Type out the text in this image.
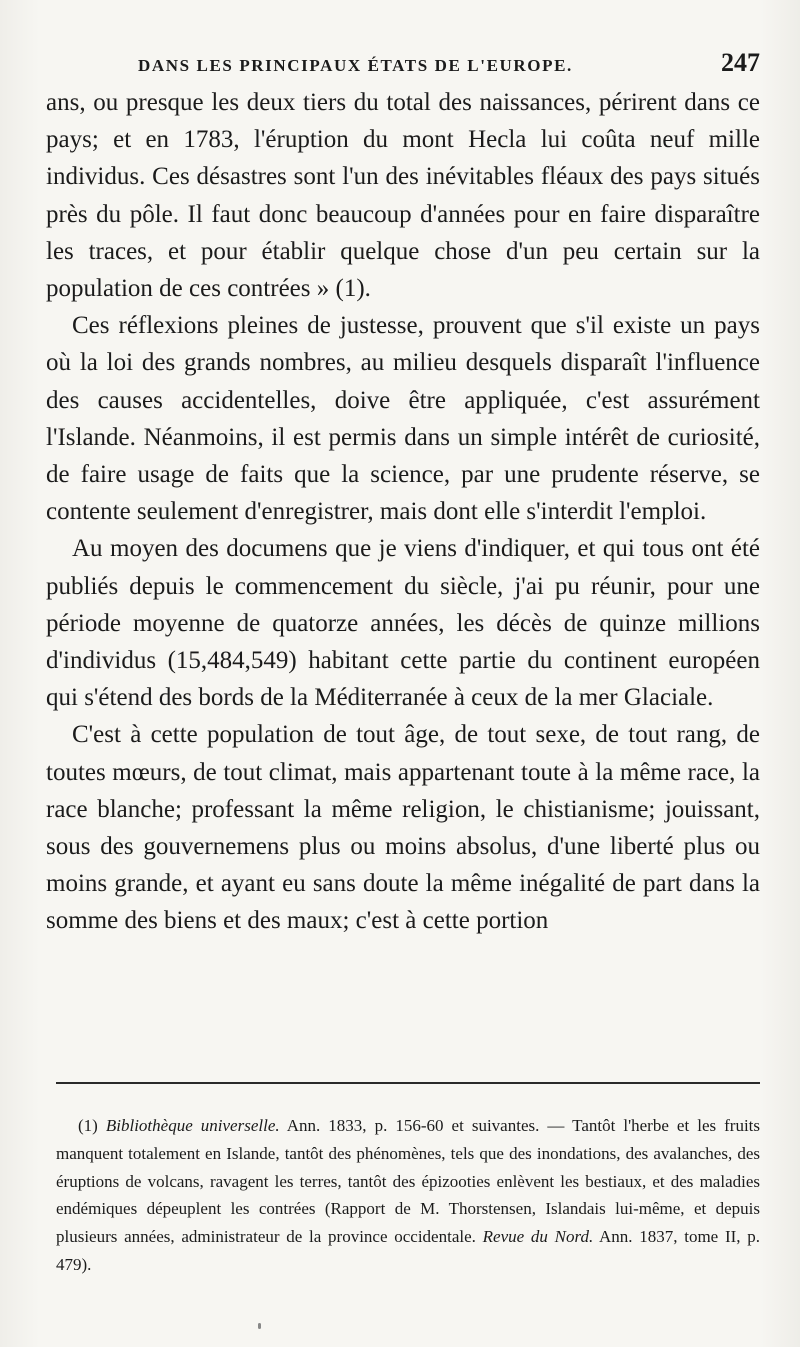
DANS LES PRINCIPAUX ÉTATS DE L'EUROPE.	247

ans, ou presque les deux tiers du total des naissances, périrent dans ce pays; et en 1783, l'éruption du mont Hecla lui coûta neuf mille individus. Ces désastres sont l'un des inévitables fléaux des pays situés près du pôle. Il faut donc beaucoup d'années pour en faire disparaître les traces, et pour établir quelque chose d'un peu certain sur la population de ces contrées » (1).

Ces réflexions pleines de justesse, prouvent que s'il existe un pays où la loi des grands nombres, au milieu desquels disparaît l'influence des causes accidentelles, doive être appliquée, c'est assurément l'Islande. Néanmoins, il est permis dans un simple intérêt de curiosité, de faire usage de faits que la science, par une prudente réserve, se contente seulement d'enregistrer, mais dont elle s'interdit l'emploi.

Au moyen des documens que je viens d'indiquer, et qui tous ont été publiés depuis le commencement du siècle, j'ai pu réunir, pour une période moyenne de quatorze années, les décès de quinze millions d'individus (15,484,549) habitant cette partie du continent européen qui s'étend des bords de la Méditerranée à ceux de la mer Glaciale.

C'est à cette population de tout âge, de tout sexe, de tout rang, de toutes mœurs, de tout climat, mais appartenant toute à la même race, la race blanche; professant la même religion, le chistianisme; jouissant, sous des gouvernemens plus ou moins absolus, d'une liberté plus ou moins grande, et ayant eu sans doute la même inégalité de part dans la somme des biens et des maux; c'est à cette portion

(1) Bibliothèque universelle. Ann. 1833, p. 156-60 et suivantes. — Tantôt l'herbe et les fruits manquent totalement en Islande, tantôt des phénomènes, tels que des inondations, des avalanches, des éruptions de volcans, ravagent les terres, tantôt des épizooties enlèvent les bestiaux, et des maladies endémiques dépeuplent les contrées (Rapport de M. Thorstensen, Islandais lui-même, et depuis plusieurs années, administrateur de la province occidentale. Revue du Nord. Ann. 1837, tome II, p. 479).
